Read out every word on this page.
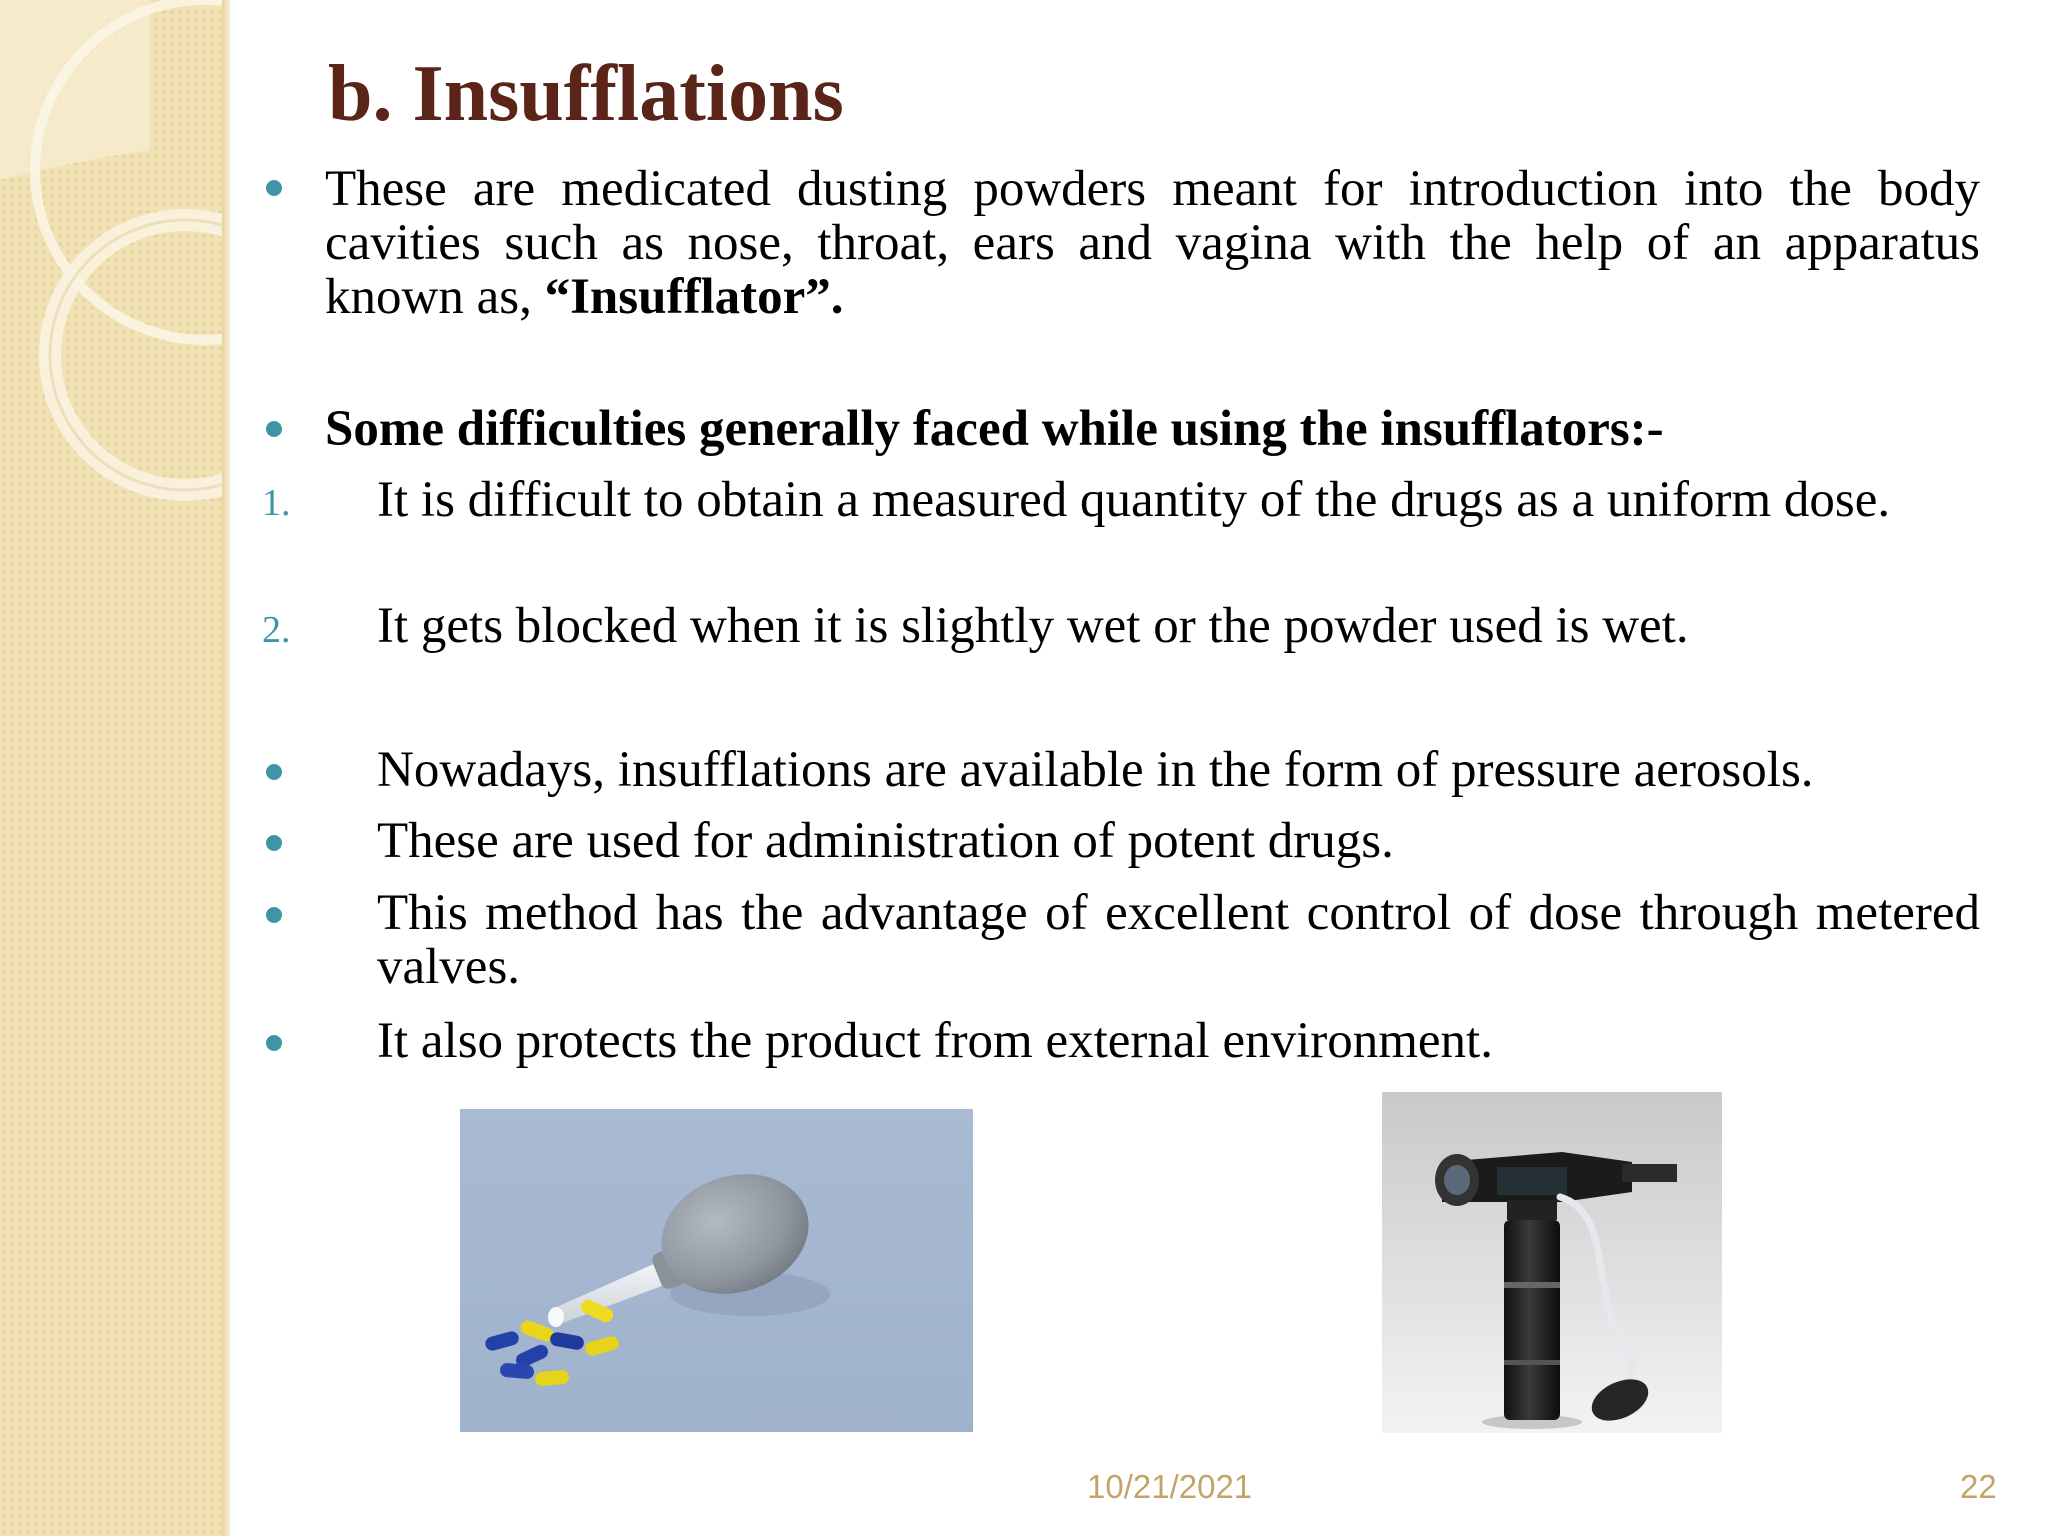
b. Insufflations

These are medicated dusting powders meant for introduction into the body cavities such as nose, throat, ears and vagina with the help of an apparatus known as, “Insufflator”.

Some difficulties generally faced while using the insufflators:-

1. It is difficult to obtain a measured quantity of the drugs as a uniform dose.

2. It gets blocked when it is slightly wet or the powder used is wet.

Nowadays, insufflations are available in the form of pressure aerosols.

These are used for administration of potent drugs.

This method has the advantage of excellent control of dose through metered valves.

It also protects the product from external environment.

10/21/2021	22
